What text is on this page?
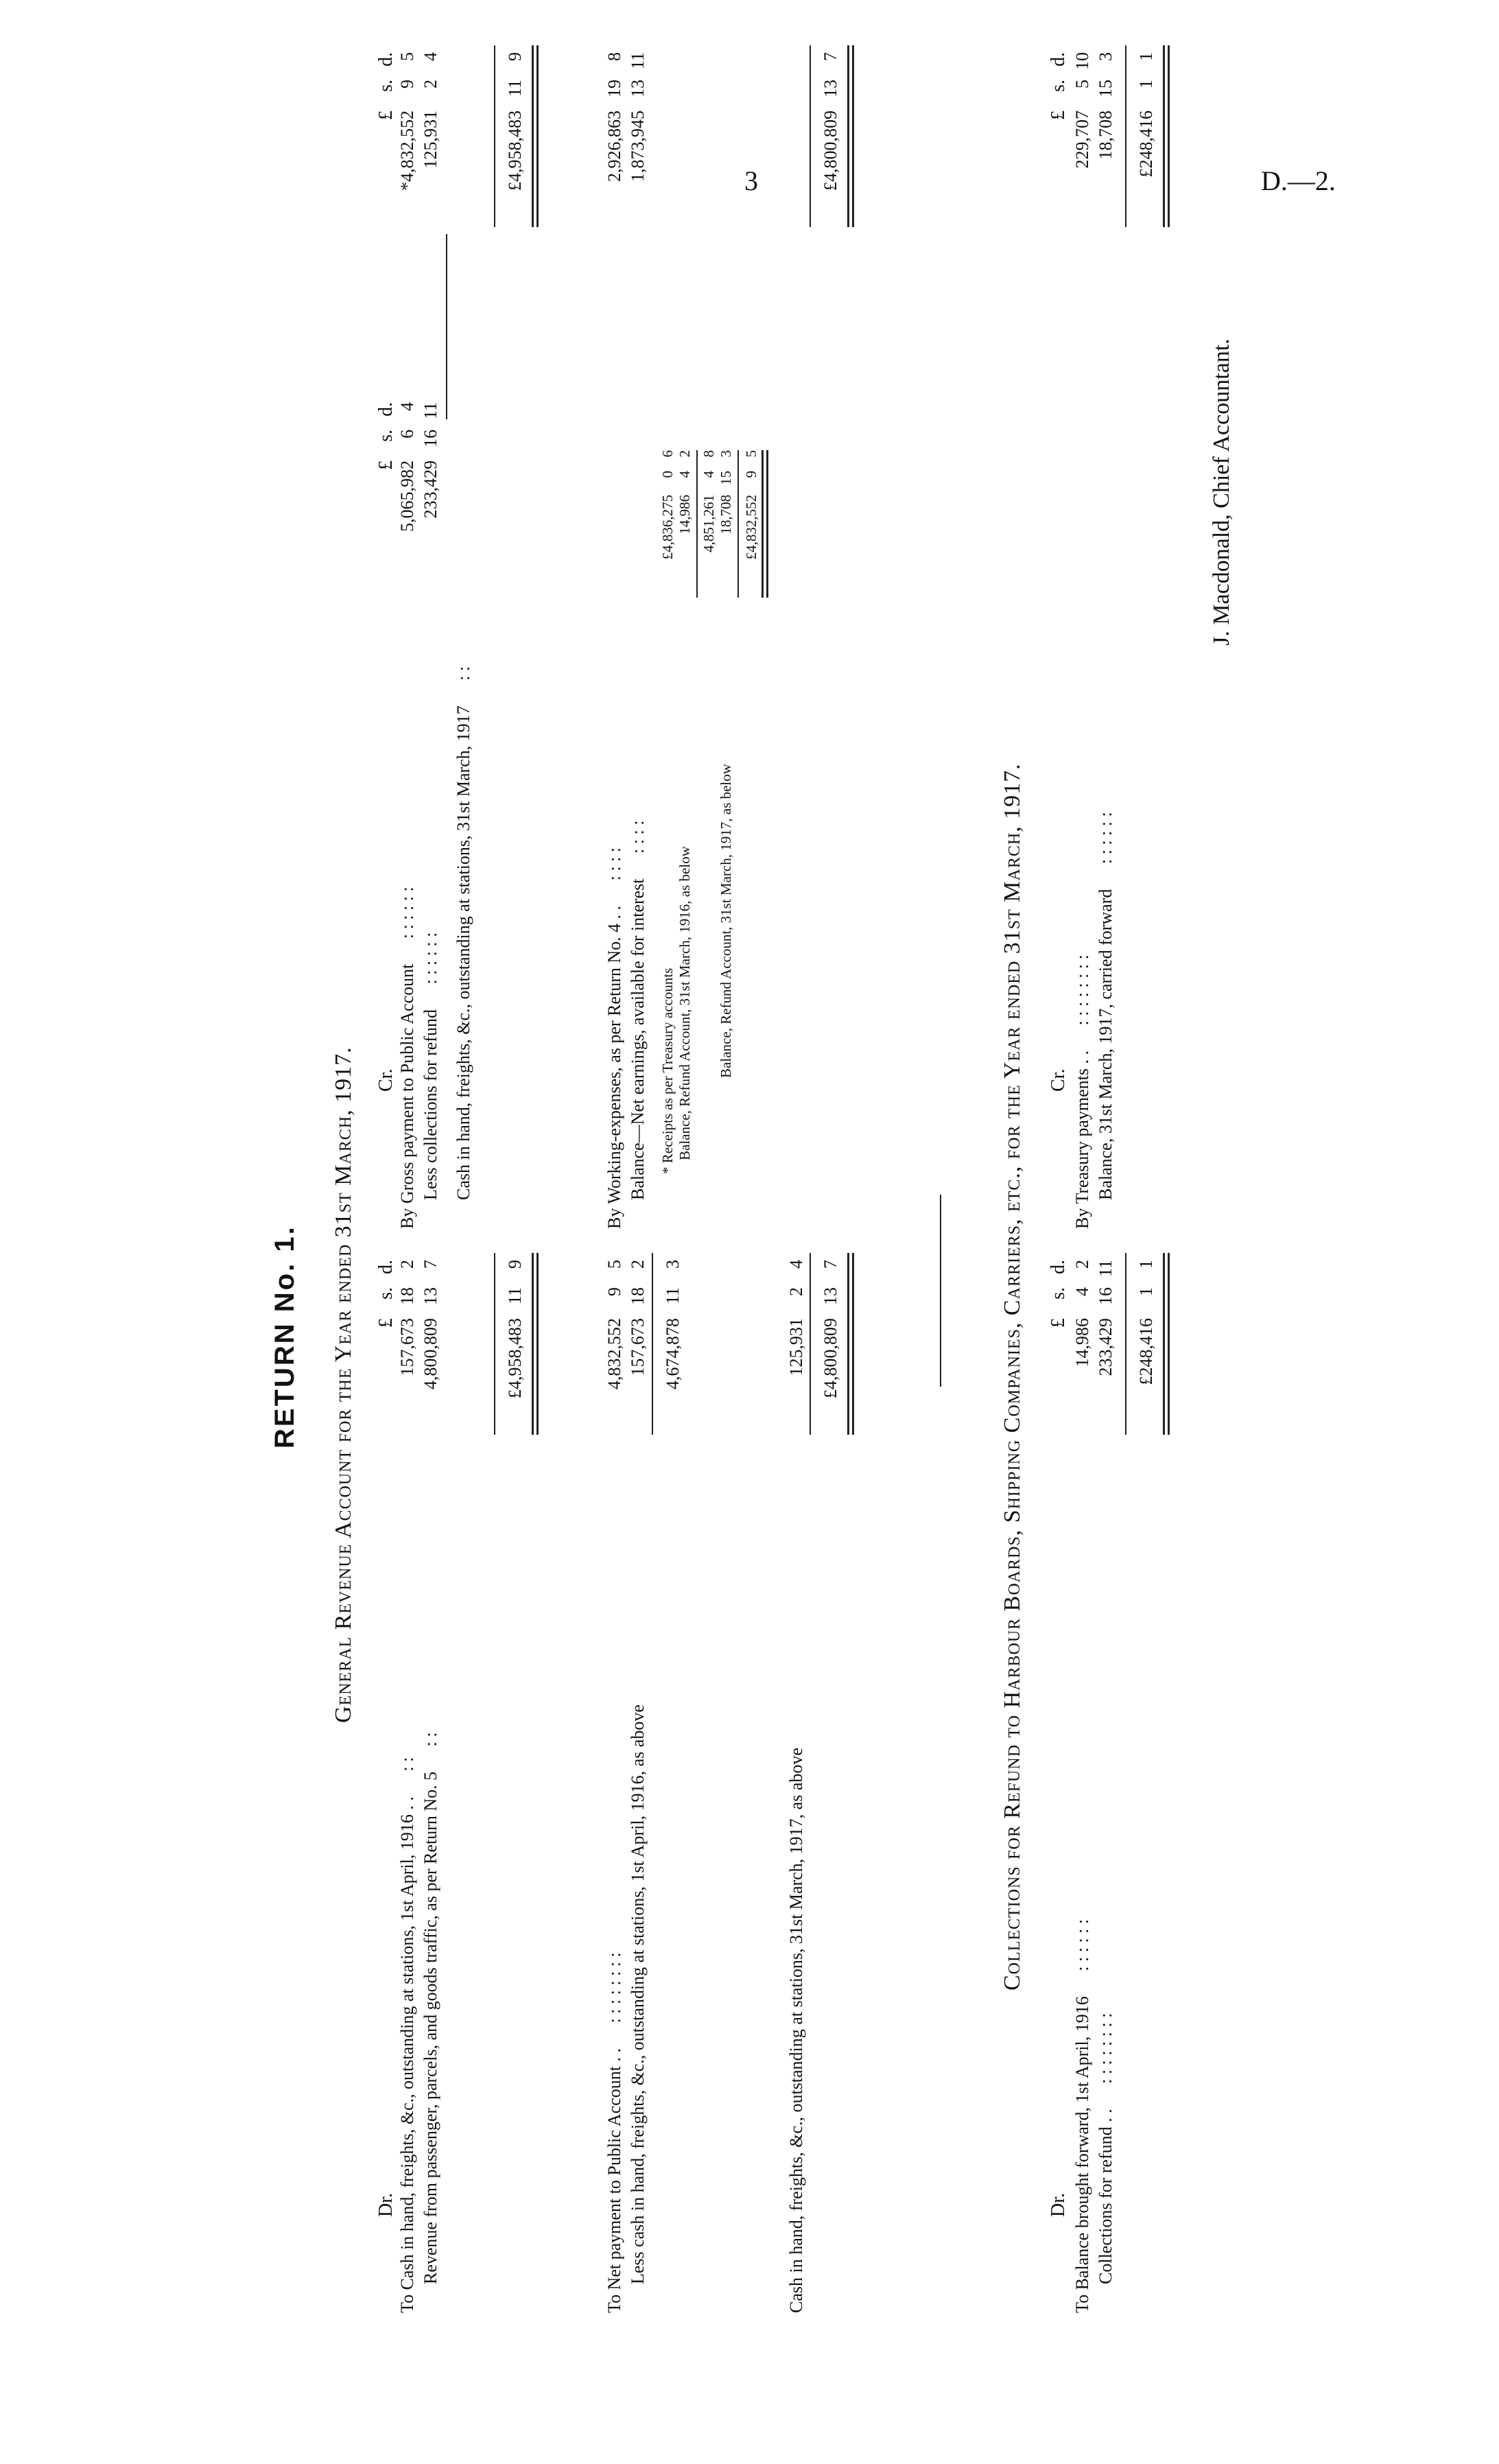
3	D.—2.
RETURN No. 1. General Revenue Account for the Year ended 31st March, 1917.
Dr.
Cr.
£
s.
d.
£
s.
d.
£
s.
d.
To Cash in hand, freights, &c., outstanding at stations, 1st April, 1916 . . : :
Revenue from passenger, parcels, and goods traffic, as per Return No. 5 : :
157,673
18
2
4,800,809
13
7
£4,958,483
11
9
By Gross payment to Public Account : : : : : :
Less collections for refund : : : : : :
5,065,982
6
4
233,429
16
11
*4,832,552
9
5
Cash in hand, freights, &c., outstanding at stations, 31st March, 1917 : :
125,931
2
4
£4,958,483
11
9
To Net payment to Public Account . . : : : : : : : : Less cash in hand, freights, &c., outstanding at stations, 1st April, 1916, as above
4,832,552
9
5
157,673
18
2
4,674,878
11
3
Cash in hand, freights, &c., outstanding at stations, 31st March, 1917, as above
125,931
2
4
£4,800,809
13
7
By Working-expenses, as per Return No. 4 . . : : : :
Balance—Net earnings, available for interest : : : :
2,926,863
19
8
1,873,945
13
11
* Receipts as per Treasury accounts Balance, Refund Account, 31st March, 1916, as below
£4,836,275
0
6
14,986
4
2
4,851,261
4
8
Balance, Refund Account, 31st March, 1917, as below
18,708
15
3
£4,832,552
9
5
£4,800,809
13
7
Collections for Refund to Harbour Boards, Shipping Companies, Carriers, etc., for the Year ended 31st March, 1917.
Dr.
Cr.
£
s.
d.
£
s.
d.
To Balance brought forward, 1st April, 1916 : : : : : :
Collections for refund . . : : : : : : : :
14,986
4
2
233,429
16
11
£248,416
1
1
By Treasury payments . . : : : : : : : : Balance, 31st March, 1917, carried forward : : : : : :
229,707
5
10
18,708
15
3
£248,416
1
1
J. Macdonald, Chief Accountant.
